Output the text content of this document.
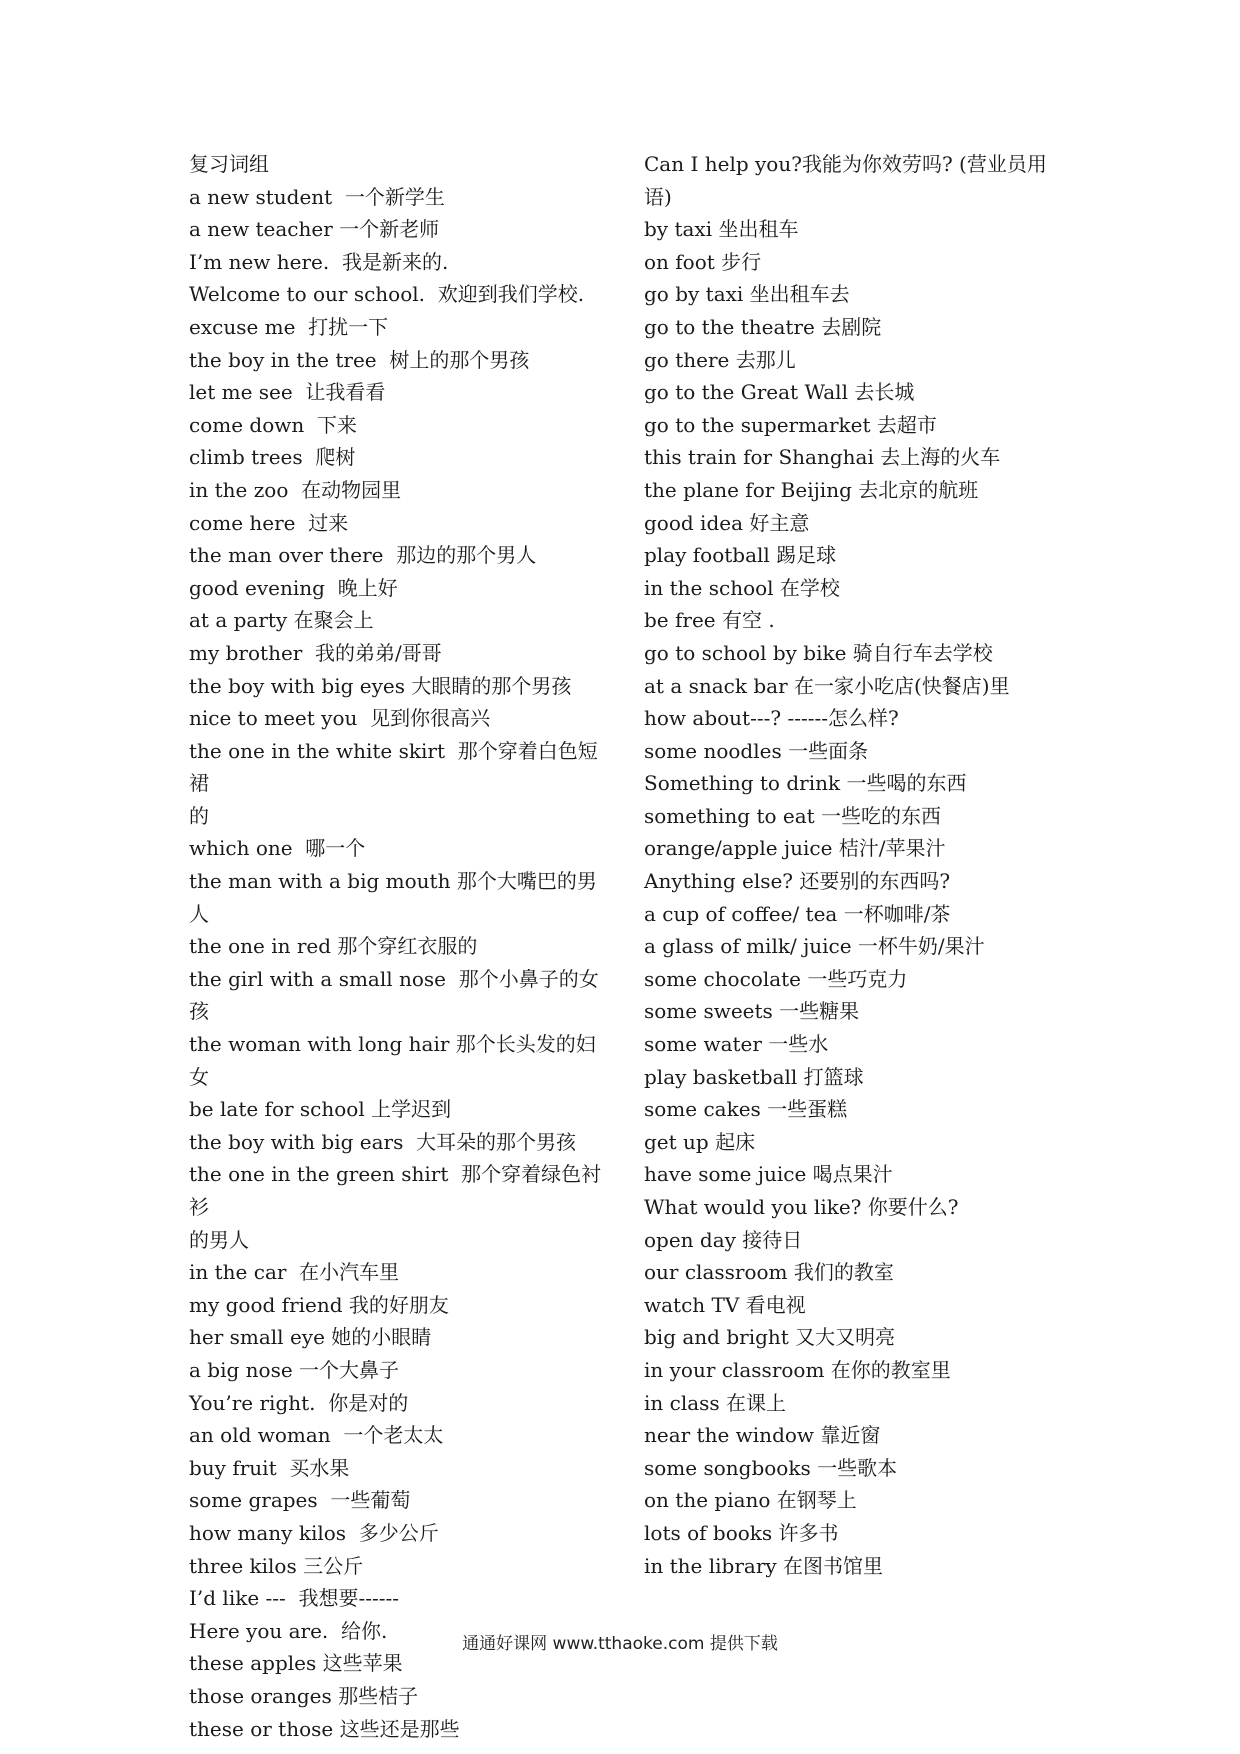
复习词组
a new student  一个新学生
a new teacher 一个新老师
I’m new here.  我是新来的.
Welcome to our school.  欢迎到我们学校.
excuse me  打扰一下
the boy in the tree  树上的那个男孩
let me see  让我看看
come down  下来
climb trees  爬树
in the zoo  在动物园里
come here  过来
the man over there  那边的那个男人
good evening  晚上好
at a party 在聚会上
my brother  我的弟弟/哥哥
the boy with big eyes 大眼睛的那个男孩
nice to meet you  见到你很高兴
the one in the white skirt  那个穿着白色短裙
的
which one  哪一个
the man with a big mouth 那个大嘴巴的男人
the one in red 那个穿红衣服的
the girl with a small nose  那个小鼻子的女孩
the woman with long hair 那个长头发的妇女
be late for school 上学迟到
the boy with big ears  大耳朵的那个男孩
the one in the green shirt  那个穿着绿色衬衫
的男人
in the car  在小汽车里
my good friend 我的好朋友
her small eye 她的小眼睛
a big nose 一个大鼻子
You’re right.  你是对的
an old woman  一个老太太
buy fruit  买水果
some grapes  一些葡萄
how many kilos  多少公斤
three kilos 三公斤
I’d like ---  我想要------
Here you are.  给你.
these apples 这些苹果
those oranges 那些桔子
these or those 这些还是那些
Can I help you?我能为你效劳吗? (营业员用语)
by taxi 坐出租车
on foot 步行
go by taxi 坐出租车去
go to the theatre 去剧院
go there 去那儿
go to the Great Wall 去长城
go to the supermarket 去超市
this train for Shanghai 去上海的火车
the plane for Beijing 去北京的航班
good idea 好主意
play football 踢足球
in the school 在学校
be free 有空 .
go to school by bike 骑自行车去学校
at a snack bar 在一家小吃店(快餐店)里
how about---? ------怎么样?
some noodles 一些面条
Something to drink 一些喝的东西
something to eat 一些吃的东西
orange/apple juice 桔汁/苹果汁
Anything else? 还要别的东西吗?
a cup of coffee/ tea 一杯咖啡/茶
a glass of milk/ juice 一杯牛奶/果汁
some chocolate 一些巧克力
some sweets 一些糖果
some water 一些水
play basketball 打篮球
some cakes 一些蛋糕
get up 起床
have some juice 喝点果汁
What would you like? 你要什么?
open day 接待日
our classroom 我们的教室
watch TV 看电视
big and bright 又大又明亮
in your classroom 在你的教室里
in class 在课上
near the window 靠近窗
some songbooks 一些歌本
on the piano 在钢琴上
lots of books 许多书
in the library 在图书馆里
通通好课网 www.tthaoke.com 提供下载
